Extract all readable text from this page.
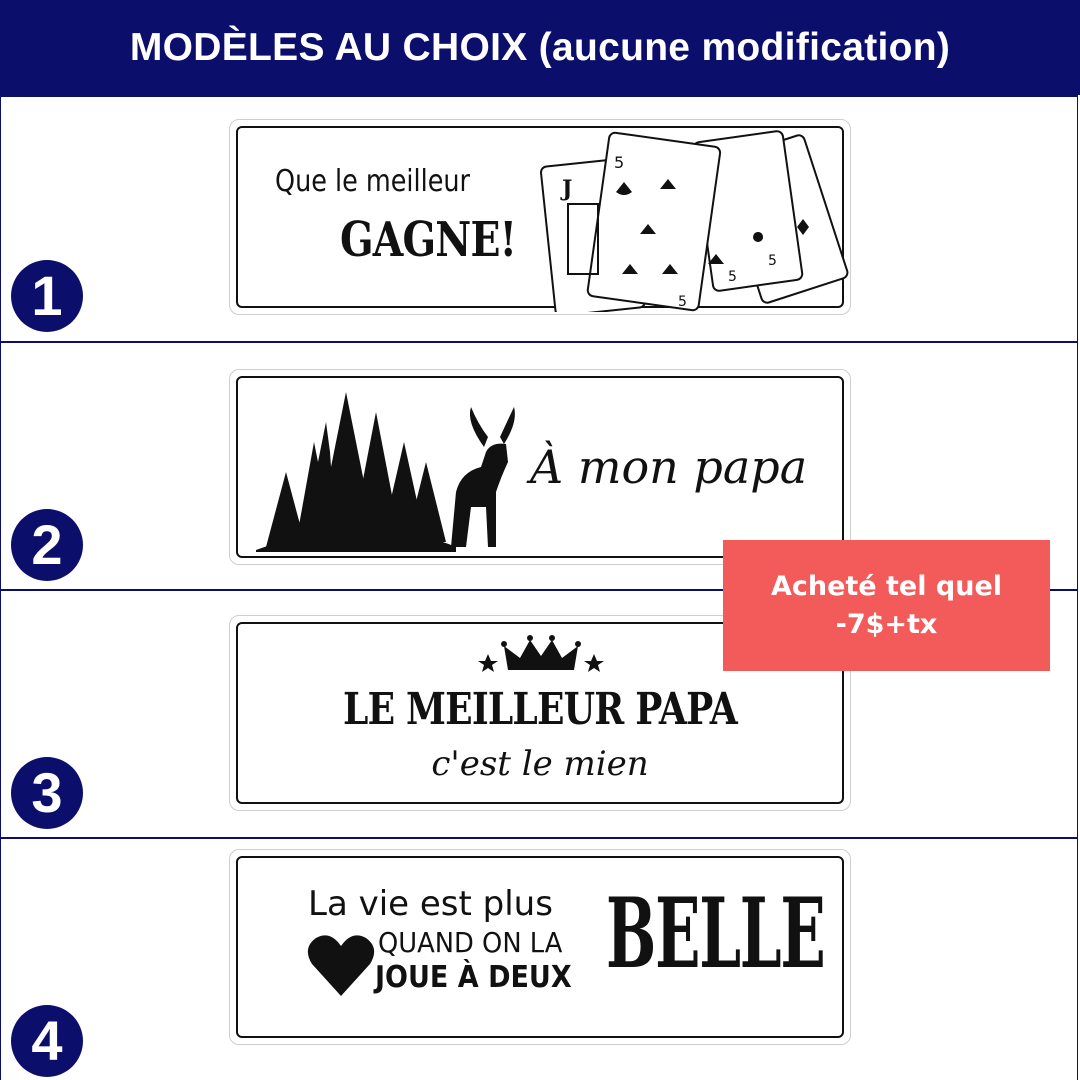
MODÈLES AU CHOIX (aucune modification)
1
Que le meilleur
GAGNE!
J
5
5
5
5
2
À mon papa
3
LE MEILLEUR PAPA
c'est le mien
4
La vie est plus
QUAND ON LA
JOUE À DEUX BELLE
Acheté tel quel
-7$+tx
